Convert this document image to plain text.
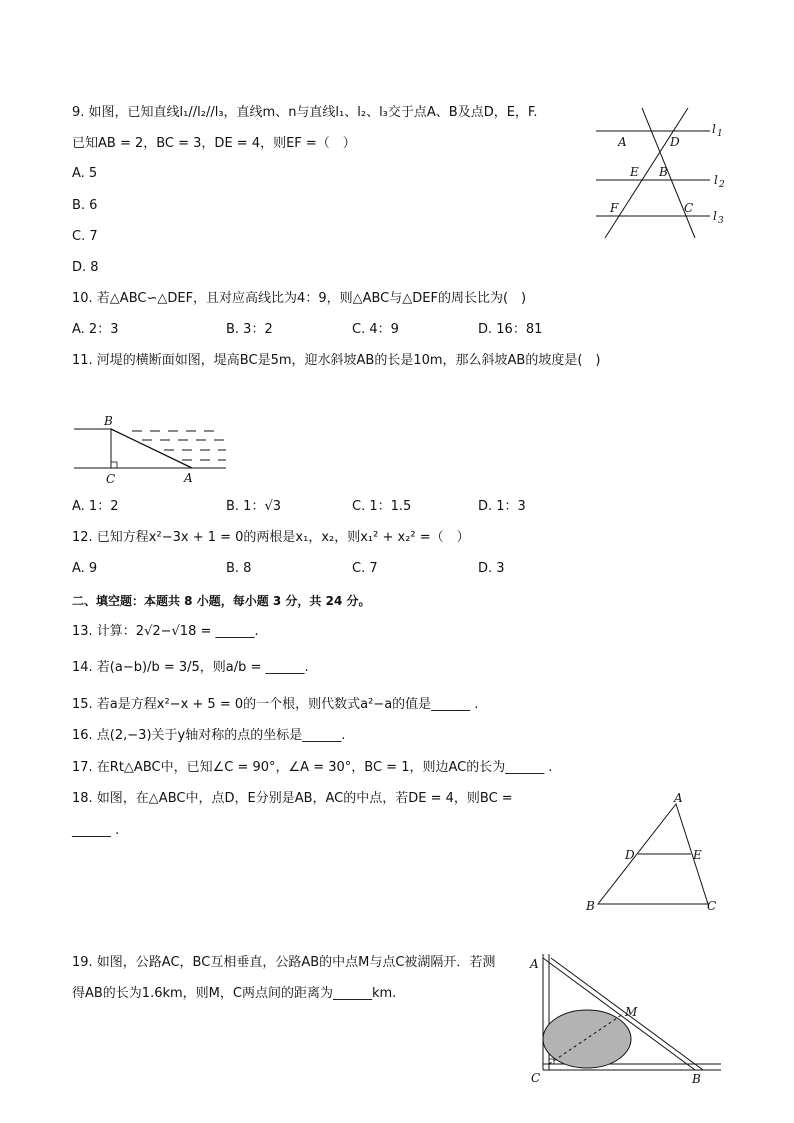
9. 如图，已知直线l₁//l₂//l₃，直线m、n与直线l₁、l₂、l₃交于点A、B及点D，E，F.
已知AB = 2，BC = 3，DE = 4，则EF =（　）
A. 5
B. 6
C. 7
D. 8
A	D
E B
F	C
l 1
l 2
l 3
10. 若△ABC∽△DEF，且对应高线比为4：9，则△ABC与△DEF的周长比为(　)
A. 2：3	B. 3：2	C. 4：9	D. 16：81
11. 河堤的横断面如图，堤高BC是5m，迎水斜坡AB的长是10m，那么斜坡AB的坡度是(　)
B
C	A
A. 1：2	B. 1：√3	C. 1：1.5	D. 1：3
12. 已知方程x²−3x + 1 = 0的两根是x₁，x₂，则x₁² + x₂² =（　）
A. 9	B. 8	C. 7	D. 3
二、填空题：本题共 8 小题，每小题 3 分，共 24 分。
13. 计算：2√2−√18 = ______.
14. 若(a−b)/b = 3/5，则a/b = ______.
15. 若a是方程x²−x + 5 = 0的一个根，则代数式a²−a的值是______ .
16. 点(2,−3)关于y轴对称的点的坐标是______.
17. 在Rt△ABC中，已知∠C = 90°，∠A = 30°，BC = 1，则边AC的长为______ .
18. 如图，在△ABC中，点D，E分别是AB，AC的中点，若DE = 4，则BC =
______ .
A
D	E
B	C
19. 如图，公路AC，BC互相垂直，公路AB的中点M与点C被湖隔开．若测
得AB的长为1.6km，则M，C两点间的距离为______km.
A
M
C	B
